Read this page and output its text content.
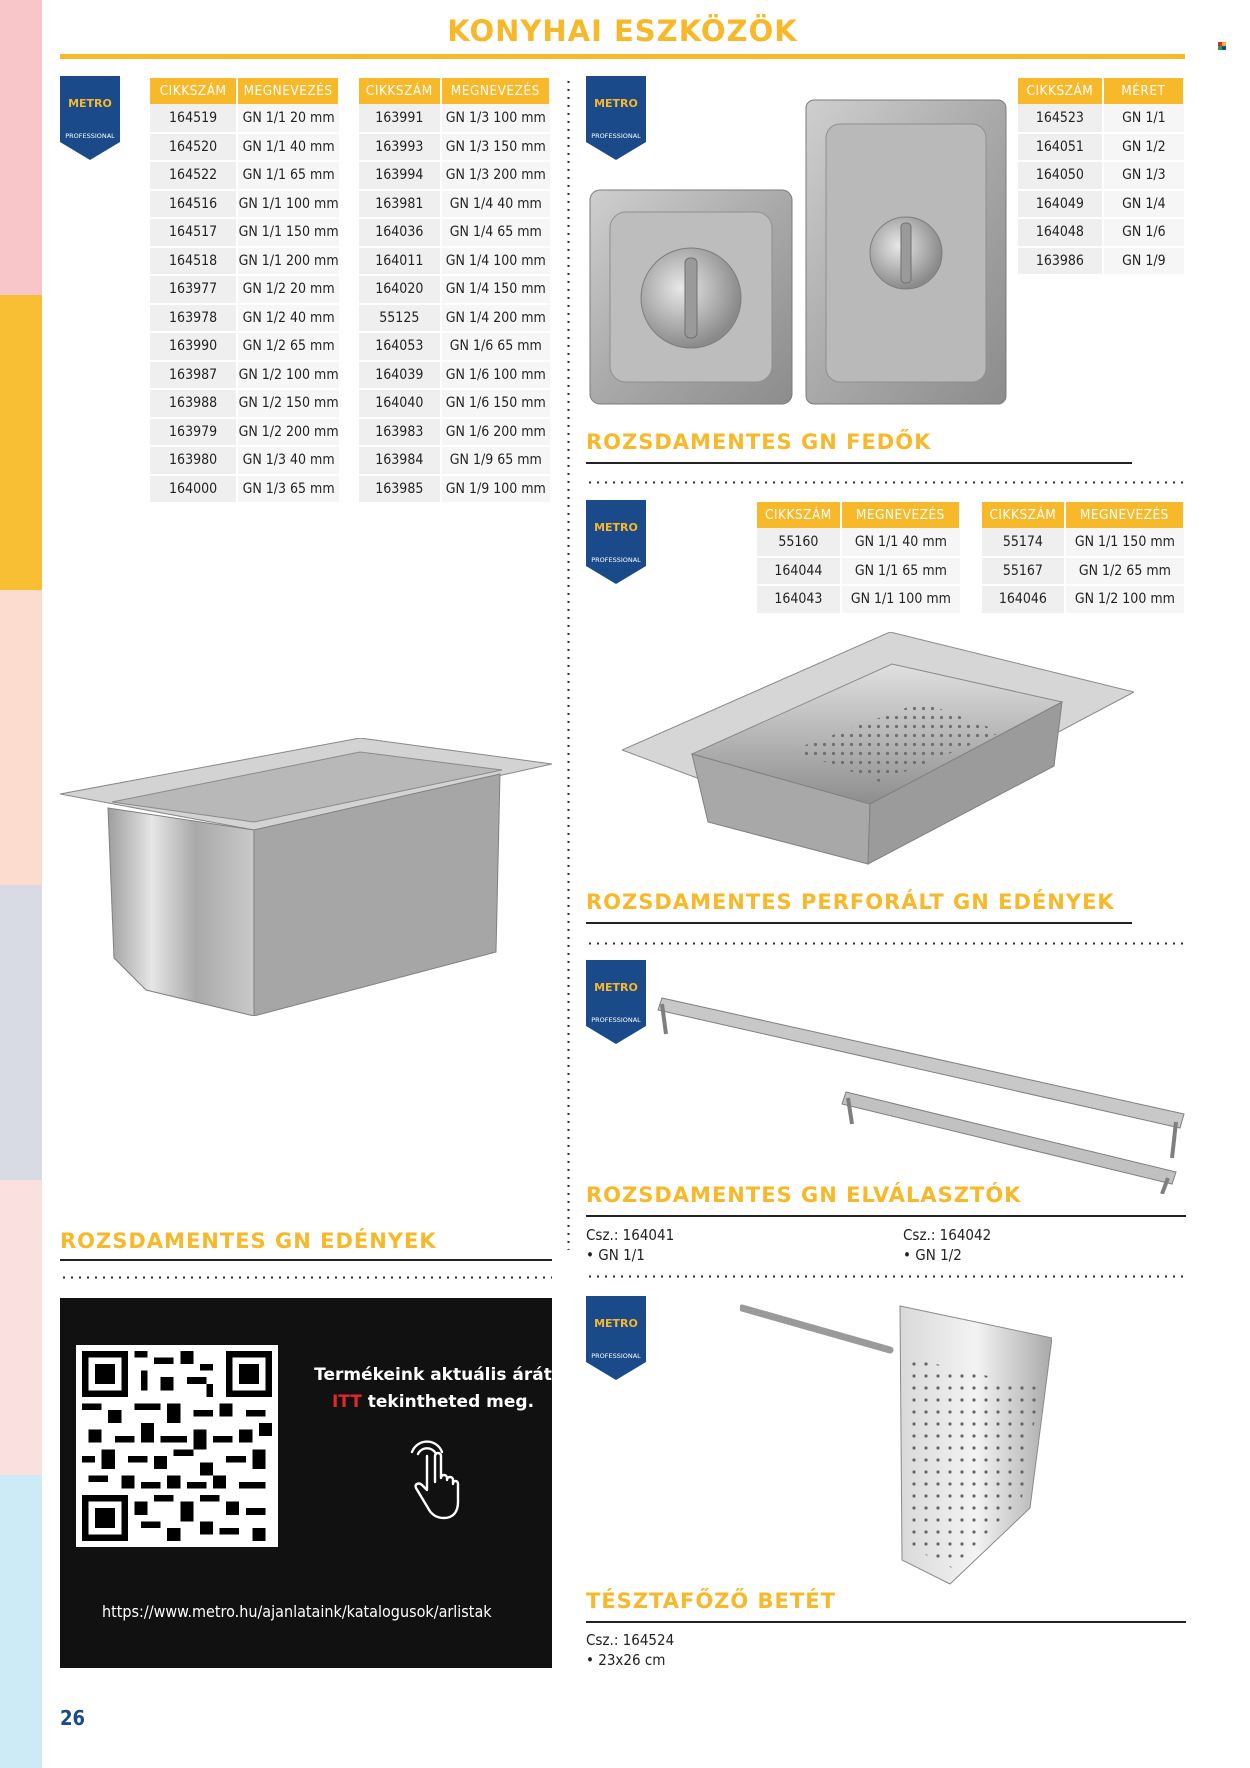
KONYHAI ESZKÖZÖK
METRO
PROFESSIONAL
METRO
PROFESSIONAL
METRO
PROFESSIONAL
METRO
PROFESSIONAL
METRO
PROFESSIONAL
CIKKSZÁM	MEGNEVEZÉS
164519	GN 1/1 20 mm
164520	GN 1/1 40 mm
164522	GN 1/1 65 mm
164516	GN 1/1 100 mm
164517	GN 1/1 150 mm
164518	GN 1/1 200 mm
163977	GN 1/2 20 mm
163978	GN 1/2 40 mm
163990	GN 1/2 65 mm
163987	GN 1/2 100 mm
163988	GN 1/2 150 mm
163979	GN 1/2 200 mm
163980	GN 1/3 40 mm
164000	GN 1/3 65 mm
CIKKSZÁM	MEGNEVEZÉS
163991	GN 1/3 100 mm
163993	GN 1/3 150 mm
163994	GN 1/3 200 mm
163981	GN 1/4 40 mm
164036	GN 1/4 65 mm
164011	GN 1/4 100 mm
164020	GN 1/4 150 mm
55125	GN 1/4 200 mm
164053	GN 1/6 65 mm
164039	GN 1/6 100 mm
164040	GN 1/6 150 mm
163983	GN 1/6 200 mm
163984	GN 1/9 65 mm
163985	GN 1/9 100 mm
CIKKSZÁM	MÉRET
164523	GN 1/1
164051	GN 1/2
164050	GN 1/3
164049	GN 1/4
164048	GN 1/6
163986	GN 1/9
CIKKSZÁM	MEGNEVEZÉS
55160	GN 1/1 40 mm
164044	GN 1/1 65 mm
164043	GN 1/1 100 mm
CIKKSZÁM	MEGNEVEZÉS
55174	GN 1/1 150 mm
55167	GN 1/2 65 mm
164046	GN 1/2 100 mm
ROZSDAMENTES GN FEDŐK
ROZSDAMENTES PERFORÁLT GN EDÉNYEK
ROZSDAMENTES GN ELVÁLASZTÓK
Csz.: 164041
• GN 1/1
Csz.: 164042
• GN 1/2
ROZSDAMENTES GN EDÉNYEK
TÉSZTAFŐZŐ BETÉT
Csz.: 164524
• 23x26 cm
Termékeink aktuális árát
ITT tekintheted meg.
https://www.metro.hu/ajanlataink/katalogusok/arlistak
26
